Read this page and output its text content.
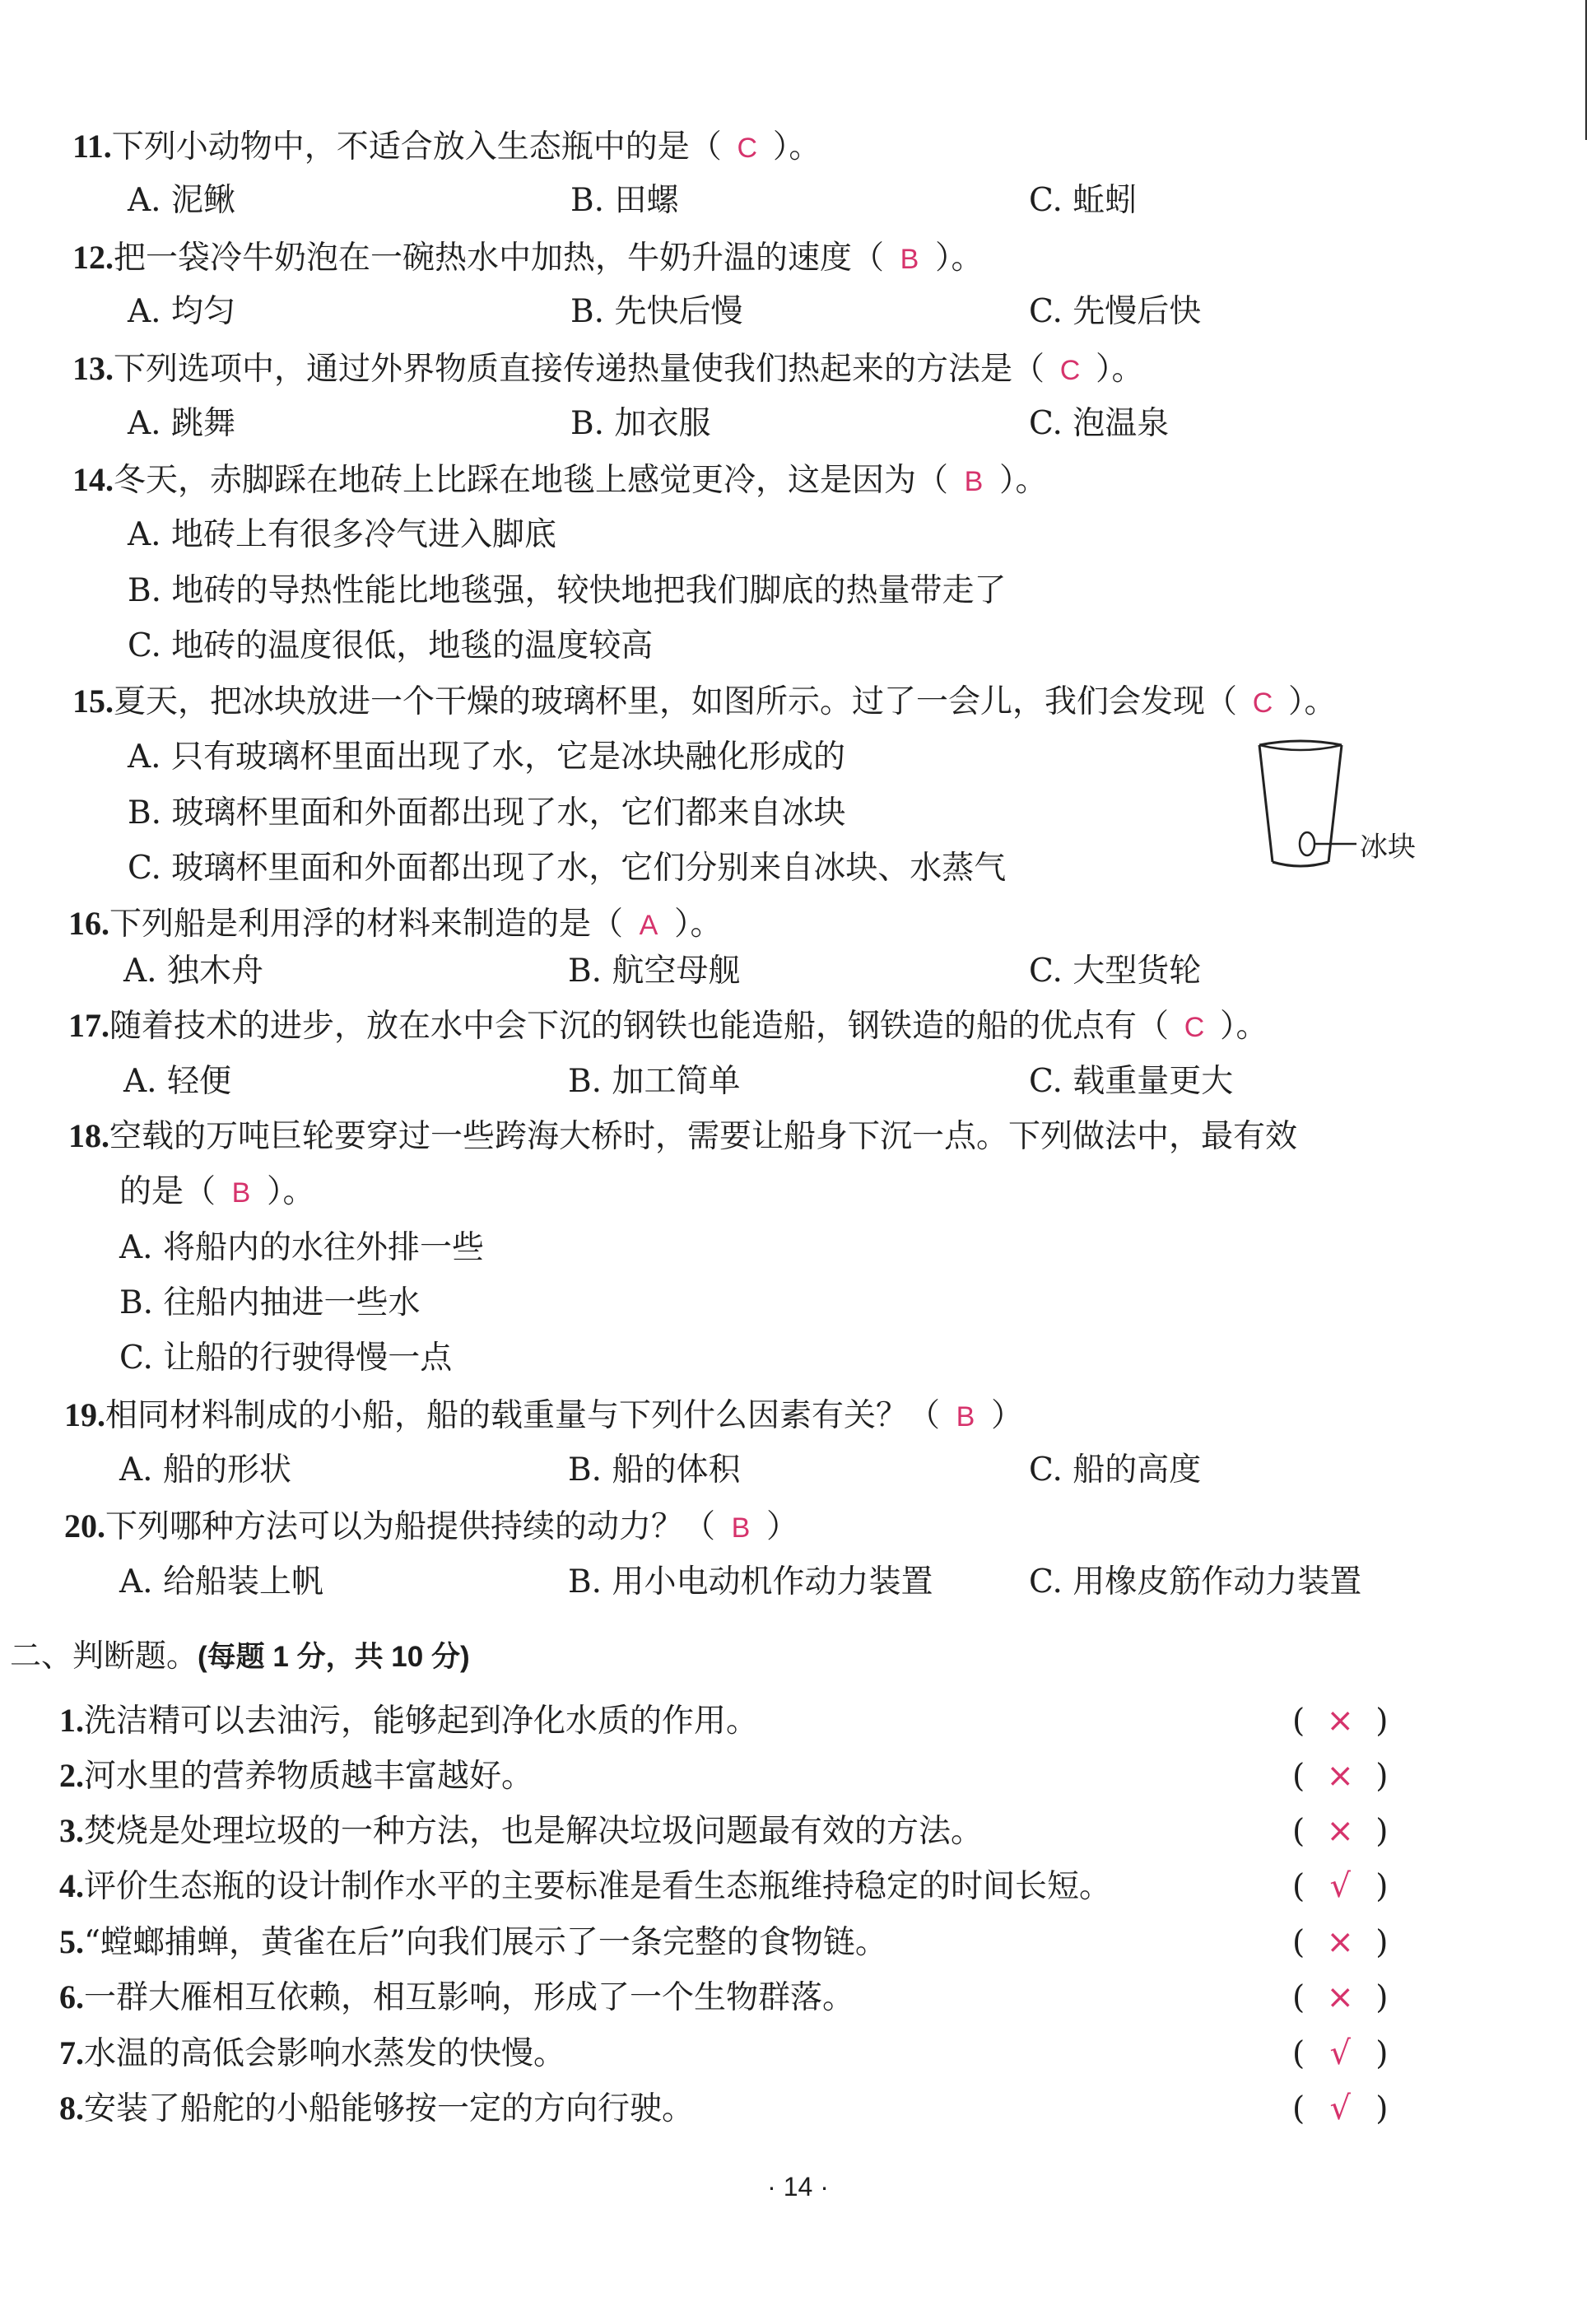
11.下列小动物中，不适合放入生态瓶中的是（ C ）。
A. 泥鳅	B. 田螺	C. 蚯蚓
12.把一袋冷牛奶泡在一碗热水中加热，牛奶升温的速度（ B ）。
A. 均匀	B. 先快后慢	C. 先慢后快
13.下列选项中，通过外界物质直接传递热量使我们热起来的方法是（ C ）。
A. 跳舞	B. 加衣服	C. 泡温泉
14.冬天，赤脚踩在地砖上比踩在地毯上感觉更冷，这是因为（ B ）。
A. 地砖上有很多冷气进入脚底
B. 地砖的导热性能比地毯强，较快地把我们脚底的热量带走了
C. 地砖的温度很低，地毯的温度较高
15.夏天，把冰块放进一个干燥的玻璃杯里，如图所示。过了一会儿，我们会发现（ C ）。
A. 只有玻璃杯里面出现了水，它是冰块融化形成的
B. 玻璃杯里面和外面都出现了水，它们都来自冰块
C. 玻璃杯里面和外面都出现了水，它们分别来自冰块、水蒸气
冰块
16.下列船是利用浮的材料来制造的是（ A ）。
A. 独木舟	B. 航空母舰	C. 大型货轮
17.随着技术的进步，放在水中会下沉的钢铁也能造船，钢铁造的船的优点有（ C ）。
A. 轻便	B. 加工简单	C. 载重量更大
18.空载的万吨巨轮要穿过一些跨海大桥时，需要让船身下沉一点。下列做法中，最有效
的是（ B ）。
A. 将船内的水往外排一些
B. 往船内抽进一些水
C. 让船的行驶得慢一点
19.相同材料制成的小船，船的载重量与下列什么因素有关？（ B ）
A. 船的形状	B. 船的体积	C. 船的高度
20.下列哪种方法可以为船提供持续的动力？（ B ）
A. 给船装上帆	B. 用小电动机作动力装置	C. 用橡皮筋作动力装置
二、判断题。(每题 1 分，共 10 分)
1.洗洁精可以去油污，能够起到净化水质的作用。	( × )
2.河水里的营养物质越丰富越好。	( × )
3.焚烧是处理垃圾的一种方法，也是解决垃圾问题最有效的方法。	( × )
4.评价生态瓶的设计制作水平的主要标准是看生态瓶维持稳定的时间长短。	( √ )
5.“螳螂捕蝉，黄雀在后”向我们展示了一条完整的食物链。	( × )
6.一群大雁相互依赖，相互影响，形成了一个生物群落。	( × )
7.水温的高低会影响水蒸发的快慢。	( √ )
8.安装了船舵的小船能够按一定的方向行驶。	( √ )
· 14 ·
